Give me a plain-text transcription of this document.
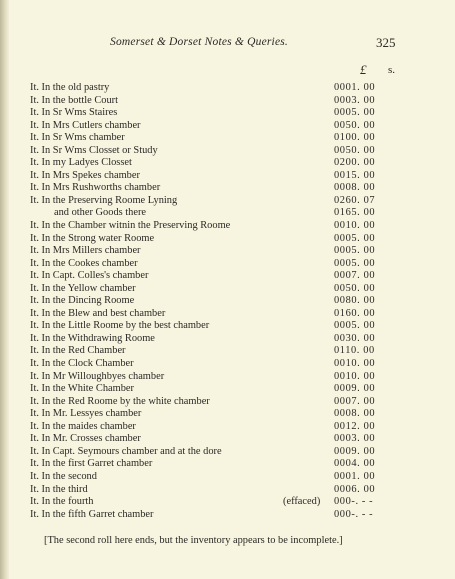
Somerset & Dorset Notes & Queries.	325
£ s.
It. In the old pastry	0001. 00
It. In the bottle Court	0003. 00
It. In Sr Wms Staires	0005. 00
It. In Mrs Cutlers chamber	0050. 00
It. In Sr Wms chamber	0100. 00
It. In Sr Wms Closset or Study	0050. 00
It. In my Ladyes Closset	0200. 00
It. In Mrs Spekes chamber	0015. 00
It. In Mrs Rushworths chamber	0008. 00
It. In the Preserving Roome Lyning	0260. 07
and other Goods there	0165. 00
It. In the Chamber witnin the Preserving Roome	0010. 00
It. In the Strong water Roome	0005. 00
It. In Mrs Millers chamber	0005. 00
It. In the Cookes chamber	0005. 00
It. In Capt. Colles's chamber	0007. 00
It. In the Yellow chamber	0050. 00
It. In the Dincing Roome	0080. 00
It. In the Blew and best chamber	0160. 00
It. In the Little Roome by the best chamber	0005. 00
It. In the Withdrawing Roome	0030. 00
It. In the Red Chamber	0110. 00
It. In the Clock Chamber	0010. 00
It. In Mr Willoughbyes chamber	0010. 00
It. In the White Chamber	0009. 00
It. In the Red Roome by the white chamber	0007. 00
It. In Mr. Lessyes chamber	0008. 00
It. In the maides chamber	0012. 00
It. In Mr. Crosses chamber	0003. 00
It. In Capt. Seymours chamber and at the dore	0009. 00
It. In the first Garret chamber	0004. 00
It. In the second	0001. 00
It. In the third	0006. 00
It. In the fourth	(effaced) 000-. - -
It. In the fifth Garret chamber	000-. - -
[The second roll here ends, but the inventory appears to be incomplete.]
